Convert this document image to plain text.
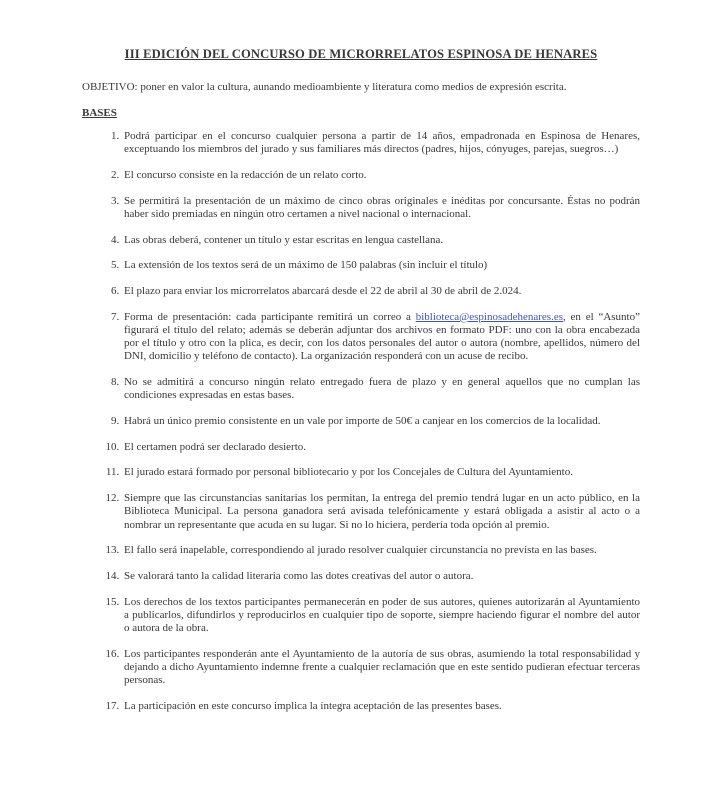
III EDICIÓN DEL CONCURSO DE MICRORRELATOS ESPINOSA DE HENARES

OBJETIVO: poner en valor la cultura, aunando medioambiente y literatura como medios de expresión escrita.

BASES

1. Podrá participar en el concurso cualquier persona a partir de 14 años, empadronada en Espinosa de Henares, exceptuando los miembros del jurado y sus familiares más directos (padres, hijos, cónyuges, parejas, suegros…)
2. El concurso consiste en la redacción de un relato corto.
3. Se permitirá la presentación de un máximo de cinco obras originales e inéditas por concursante. Éstas no podrán haber sido premiadas en ningún otro certamen a nivel nacional o internacional.
4. Las obras deberá, contener un título y estar escritas en lengua castellana.
5. La extensión de los textos será de un máximo de 150 palabras (sin incluir el título)
6. El plazo para enviar los microrrelatos abarcará desde el 22 de abril al 30 de abril de 2.024.
7. Forma de presentación: cada participante remitirá un correo a biblioteca@espinosadehenares.es, en el “Asunto” figurará el título del relato; además se deberán adjuntar dos archivos en formato PDF: uno con la obra encabezada por el título y otro con la plica, es decir, con los datos personales del autor o autora (nombre, apellidos, número del DNI, domicilio y teléfono de contacto). La organización responderá con un acuse de recibo.
8. No se admitirá a concurso ningún relato entregado fuera de plazo y en general aquellos que no cumplan las condiciones expresadas en estas bases.
9. Habrá un único premio consistente en un vale por importe de 50€ a canjear en los comercios de la localidad.
10. El certamen podrá ser declarado desierto.
11. El jurado estará formado por personal bibliotecario y por los Concejales de Cultura del Ayuntamiento.
12. Siempre que las circunstancias sanitarias los permitan, la entrega del premio tendrá lugar en un acto público, en la Biblioteca Municipal. La persona ganadora será avisada telefónicamente y estará obligada a asistir al acto o a nombrar un representante que acuda en su lugar. Si no lo hiciera, perdería toda opción al premio.
13. El fallo será inapelable, correspondiendo al jurado resolver cualquier circunstancia no prevista en las bases.
14. Se valorará tanto la calidad literaria como las dotes creativas del autor o autora.
15. Los derechos de los textos participantes permanecerán en poder de sus autores, quienes autorizarán al Ayuntamiento a publicarlos, difundirlos y reproducirlos en cualquier tipo de soporte, siempre haciendo figurar el nombre del autor o autora de la obra.
16. Los participantes responderán ante el Ayuntamiento de la autoría de sus obras, asumiendo la total responsabilidad y dejando a dicho Ayuntamiento indemne frente a cualquier reclamación que en este sentido pudieran efectuar terceras personas.
17. La participación en este concurso implica la íntegra aceptación de las presentes bases.
